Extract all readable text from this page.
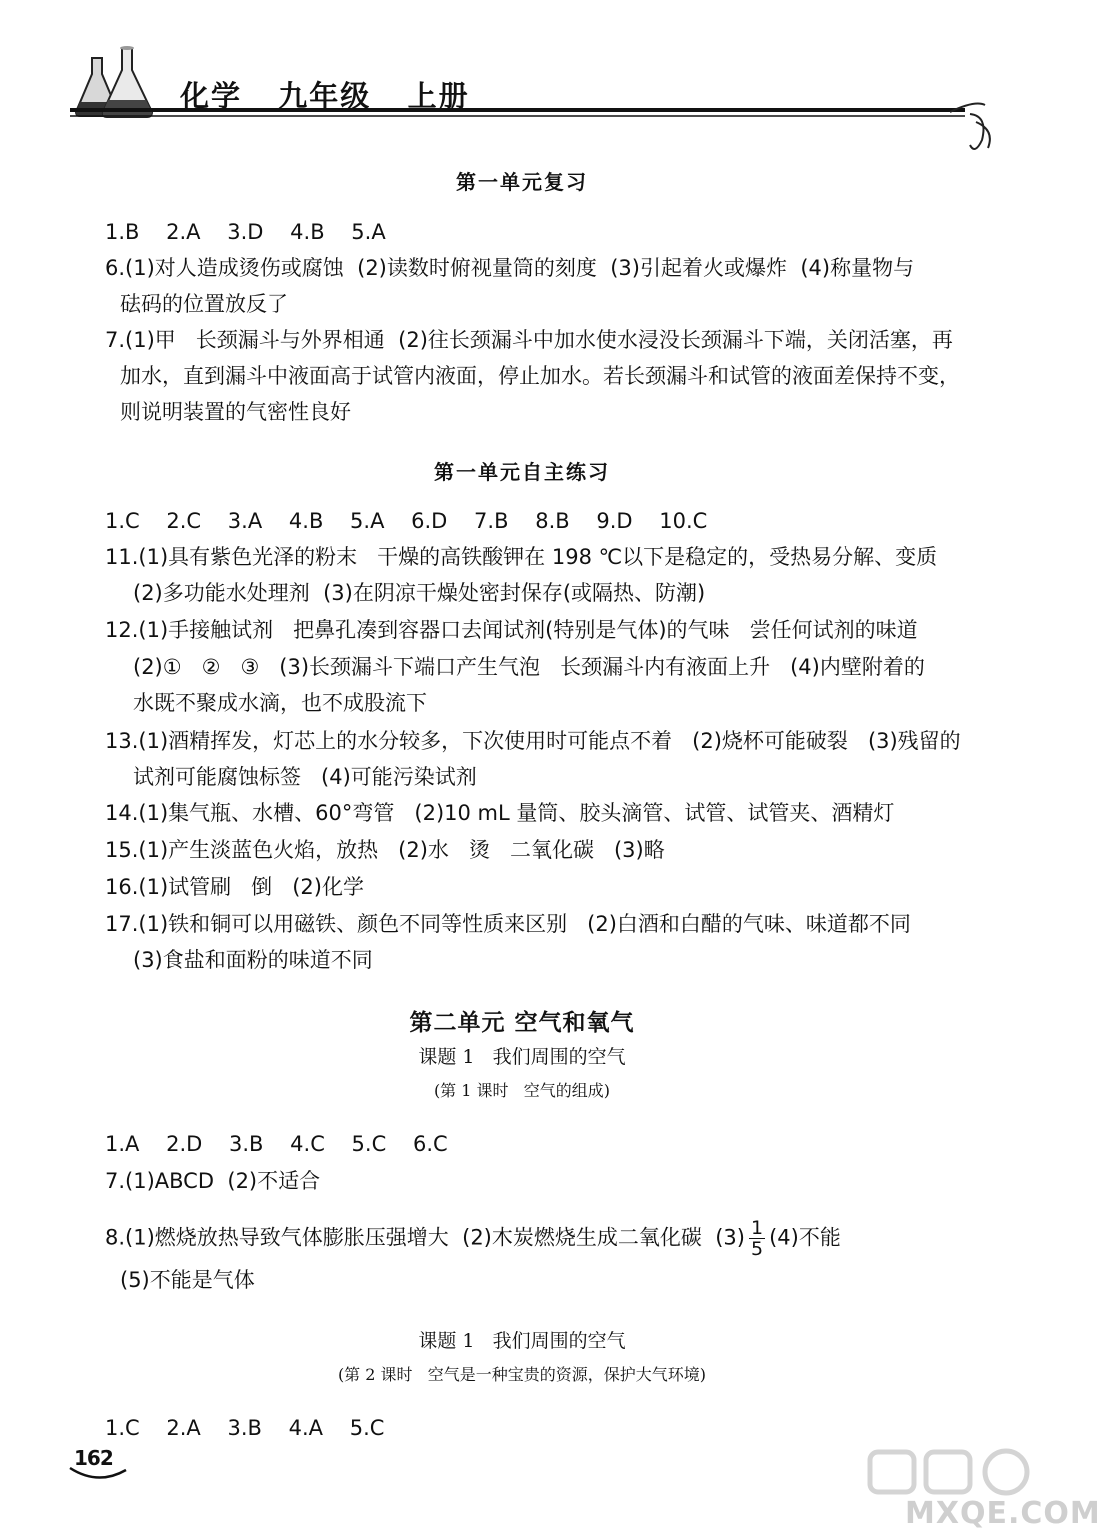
化学   九年级   上册
第一单元复习
1.B    2.A    3.D    4.B    5.A
6.(1)对人造成烫伤或腐蚀  (2)读数时俯视量筒的刻度  (3)引起着火或爆炸  (4)称量物与
砝码的位置放反了
7.(1)甲   长颈漏斗与外界相通  (2)往长颈漏斗中加水使水浸没长颈漏斗下端，关闭活塞，再
加水，直到漏斗中液面高于试管内液面，停止加水。若长颈漏斗和试管的液面差保持不变，
则说明装置的气密性良好
第一单元自主练习
1.C    2.C    3.A    4.B    5.A    6.D    7.B    8.B    9.D    10.C
11.(1)具有紫色光泽的粉末   干燥的高铁酸钾在 198 ℃以下是稳定的，受热易分解、变质
(2)多功能水处理剂  (3)在阴凉干燥处密封保存(或隔热、防潮)
12.(1)手接触试剂   把鼻孔凑到容器口去闻试剂(特别是气体)的气味   尝任何试剂的味道
(2)①   ②   ③   (3)长颈漏斗下端口产生气泡   长颈漏斗内有液面上升   (4)内壁附着的
水既不聚成水滴，也不成股流下
13.(1)酒精挥发，灯芯上的水分较多，下次使用时可能点不着   (2)烧杯可能破裂   (3)残留的
试剂可能腐蚀标签   (4)可能污染试剂
14.(1)集气瓶、水槽、60°弯管   (2)10 mL 量筒、胶头滴管、试管、试管夹、酒精灯
15.(1)产生淡蓝色火焰，放热   (2)水   烫   二氧化碳   (3)略
16.(1)试管刷   倒   (2)化学
17.(1)铁和铜可以用磁铁、颜色不同等性质来区别   (2)白酒和白醋的气味、味道都不同
(3)食盐和面粉的味道不同
第二单元 空气和氧气
课题 1   我们周围的空气
(第 1 课时   空气的组成)
1.A    2.D    3.B    4.C    5.C    6.C
7.(1)ABCD  (2)不适合
8.(1)燃烧放热导致气体膨胀压强增大  (2)木炭燃烧生成二氧化碳  $(3) \frac{1}{5} (4)$不能
(5)不能是气体
课题 1   我们周围的空气
(第 2 课时   空气是一种宝贵的资源，保护大气环境)
1.C    2.A    3.B    4.A    5.C
162
MXQE.COM
